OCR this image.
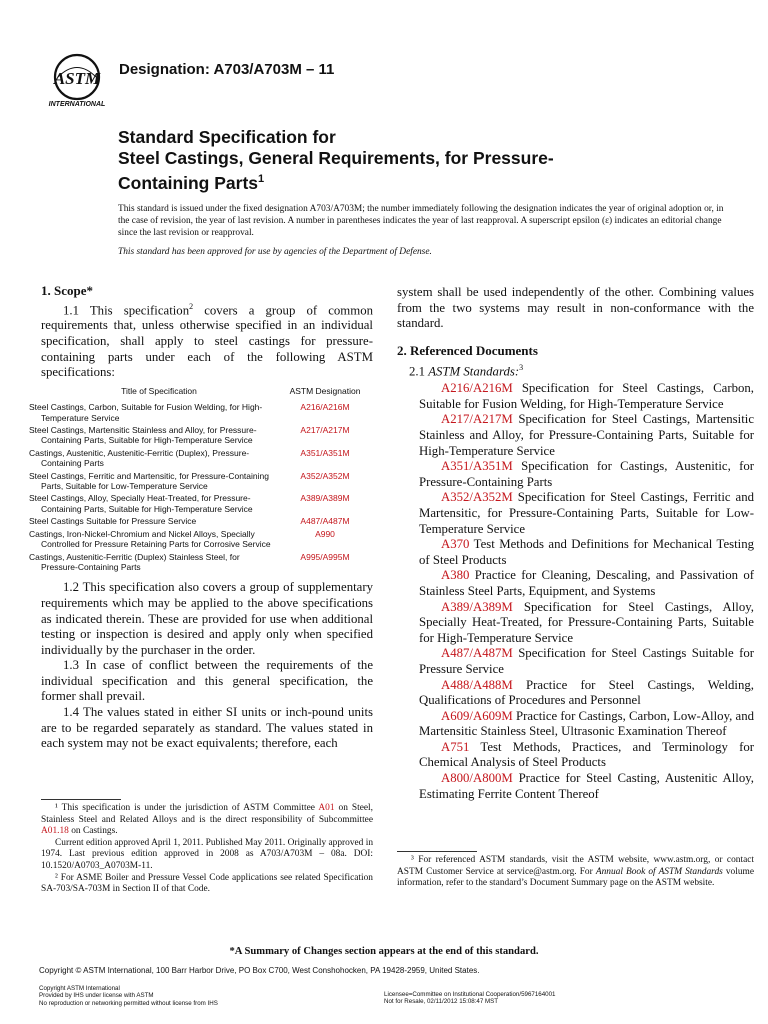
ASTM
INTERNATIONAL
Designation: A703/A703M – 11
Standard Specification for
Steel Castings, General Requirements, for Pressure-
Containing Parts$^1$
This standard is issued under the fixed designation A703/A703M; the number immediately following the designation indicates the year of original adoption or, in the case of revision, the year of last revision. A number in parentheses indicates the year of last reapproval. A superscript epsilon (ε) indicates an editorial change since the last revision or reapproval.
This standard has been approved for use by agencies of the Department of Defense.

1. Scope*

1.1 This specification$^2$ covers a group of common requirements that, unless otherwise specified in an individual specification, shall apply to steel castings for pressure-containing parts under each of the following ASTM specifications:

Title of Specification	ASTM Designation
Steel Castings, Carbon, Suitable for Fusion Welding, for High-Temperature Service	A216/A216M
Steel Castings, Martensitic Stainless and Alloy, for Pressure-Containing Parts, Suitable for High-Temperature Service	A217/A217M
Castings, Austenitic, Austenitic-Ferritic (Duplex), Pressure-Containing Parts	A351/A351M
Steel Castings, Ferritic and Martensitic, for Pressure-Containing Parts, Suitable for Low-Temperature Service	A352/A352M
Steel Castings, Alloy, Specially Heat-Treated, for Pressure-Containing Parts, Suitable for High-Temperature Service	A389/A389M
Steel Castings Suitable for Pressure Service	A487/A487M
Castings, Iron-Nickel-Chromium and Nickel Alloys, Specially Controlled for Pressure Retaining Parts for Corrosive Service	A990
Castings, Austenitic-Ferritic (Duplex) Stainless Steel, for Pressure-Containing Parts	A995/A995M

1.2 This specification also covers a group of supplementary requirements which may be applied to the above specifications as indicated therein. These are provided for use when additional testing or inspection is desired and apply only when specified individually by the purchaser in the order.

1.3 In case of conflict between the requirements of the individual specification and this general specification, the former shall prevail.

1.4 The values stated in either SI units or inch-pound units are to be regarded separately as standard. The values stated in each system may not be exact equivalents; therefore, each

system shall be used independently of the other. Combining values from the two systems may result in non-conformance with the standard.

2. Referenced Documents

2.1 ASTM Standards:$^3$

A216/A216M Specification for Steel Castings, Carbon, Suitable for Fusion Welding, for High-Temperature Service

A217/A217M Specification for Steel Castings, Martensitic Stainless and Alloy, for Pressure-Containing Parts, Suitable for High-Temperature Service

A351/A351M Specification for Castings, Austenitic, for Pressure-Containing Parts

A352/A352M Specification for Steel Castings, Ferritic and Martensitic, for Pressure-Containing Parts, Suitable for Low-Temperature Service

A370 Test Methods and Definitions for Mechanical Testing of Steel Products

A380 Practice for Cleaning, Descaling, and Passivation of Stainless Steel Parts, Equipment, and Systems

A389/A389M Specification for Steel Castings, Alloy, Specially Heat-Treated, for Pressure-Containing Parts, Suitable for High-Temperature Service

A487/A487M Specification for Steel Castings Suitable for Pressure Service

A488/A488M Practice for Steel Castings, Welding, Qualifications of Procedures and Personnel

A609/A609M Practice for Castings, Carbon, Low-Alloy, and Martensitic Stainless Steel, Ultrasonic Examination Thereof

A751 Test Methods, Practices, and Terminology for Chemical Analysis of Steel Products

A800/A800M Practice for Steel Casting, Austenitic Alloy, Estimating Ferrite Content Thereof

¹ This specification is under the jurisdiction of ASTM Committee A01 on Steel, Stainless Steel and Related Alloys and is the direct responsibility of Subcommittee A01.18 on Castings.

Current edition approved April 1, 2011. Published May 2011. Originally approved in 1974. Last previous edition approved in 2008 as A703/A703M – 08a. DOI: 10.1520/A0703_A0703M-11.

² For ASME Boiler and Pressure Vessel Code applications see related Specification SA-703/SA-703M in Section II of that Code.

³ For referenced ASTM standards, visit the ASTM website, www.astm.org, or contact ASTM Customer Service at service@astm.org. For Annual Book of ASTM Standards volume information, refer to the standard’s Document Summary page on the ASTM website.

*A Summary of Changes section appears at the end of this standard.
Copyright © ASTM International, 100 Barr Harbor Drive, PO Box C700, West Conshohocken, PA 19428-2959, United States.
Copyright ASTM International
Provided by IHS under license with ASTM
No reproduction or networking permitted without license from IHS
Licensee=Committee on Institutional Cooperation/5967164001
Not for Resale, 02/11/2012 15:08:47 MST
